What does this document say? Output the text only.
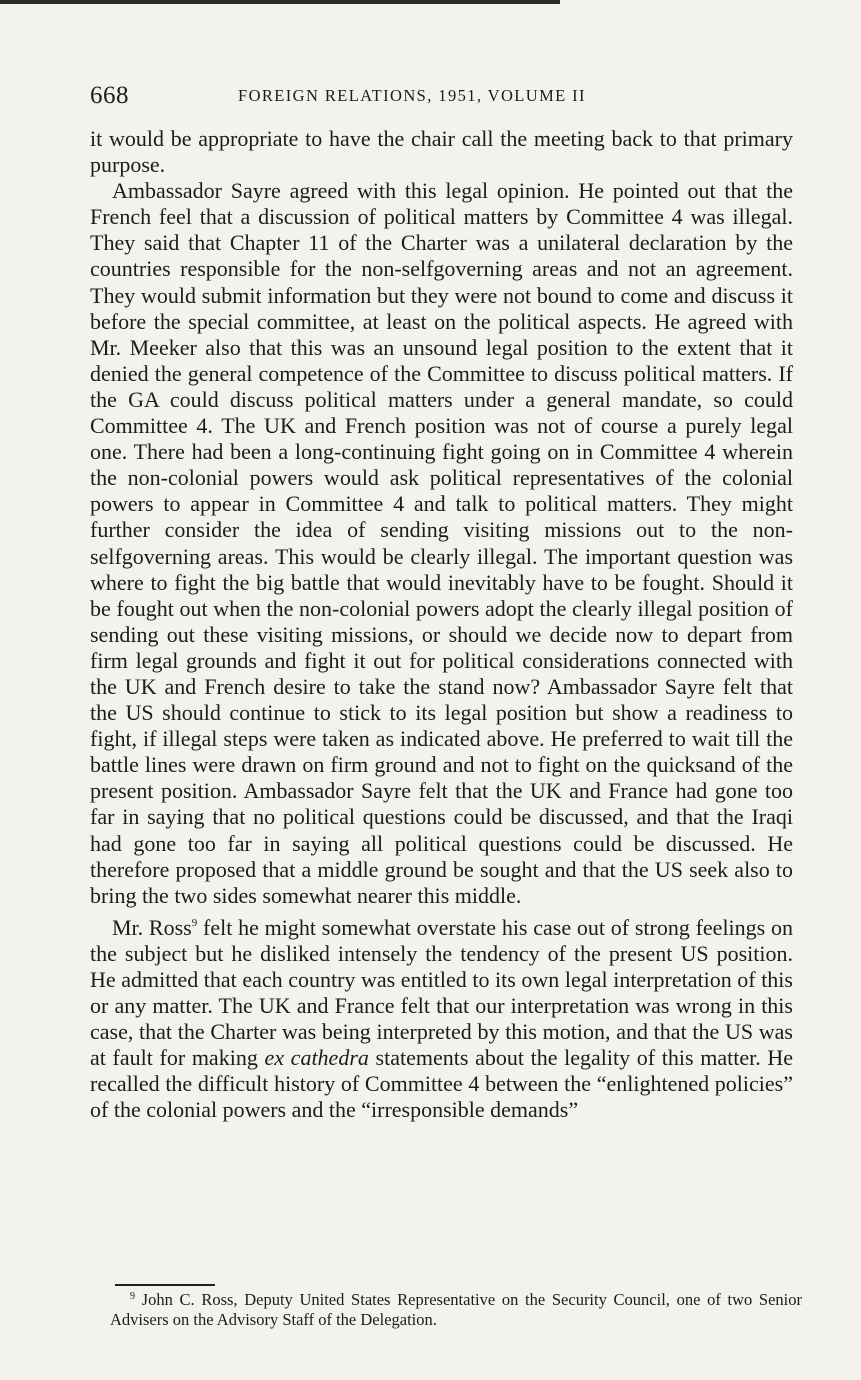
668	FOREIGN RELATIONS, 1951, VOLUME II

it would be appropriate to have the chair call the meeting back to that primary purpose.

Ambassador Sayre agreed with this legal opinion. He pointed out that the French feel that a discussion of political matters by Committee 4 was illegal. They said that Chapter 11 of the Charter was a unilateral declaration by the countries responsible for the non-selfgoverning areas and not an agreement. They would submit information but they were not bound to come and discuss it before the special committee, at least on the political aspects. He agreed with Mr. Meeker also that this was an unsound legal position to the extent that it denied the general competence of the Committee to discuss political matters. If the GA could discuss political matters under a general mandate, so could Committee 4. The UK and French position was not of course a purely legal one. There had been a long-continuing fight going on in Committee 4 wherein the non-colonial powers would ask political representatives of the colonial powers to appear in Committee 4 and talk to political matters. They might further consider the idea of sending visiting missions out to the non-selfgoverning areas. This would be clearly illegal. The important question was where to fight the big battle that would inevitably have to be fought. Should it be fought out when the non-colonial powers adopt the clearly illegal position of sending out these visiting missions, or should we decide now to depart from firm legal grounds and fight it out for political considerations connected with the UK and French desire to take the stand now? Ambassador Sayre felt that the US should continue to stick to its legal position but show a readiness to fight, if illegal steps were taken as indicated above. He preferred to wait till the battle lines were drawn on firm ground and not to fight on the quicksand of the present position. Ambassador Sayre felt that the UK and France had gone too far in saying that no political questions could be discussed, and that the Iraqi had gone too far in saying all political questions could be discussed. He therefore proposed that a middle ground be sought and that the US seek also to bring the two sides somewhat nearer this middle.

Mr. Ross$^9$ felt he might somewhat overstate his case out of strong feelings on the subject but he disliked intensely the tendency of the present US position. He admitted that each country was entitled to its own legal interpretation of this or any matter. The UK and France felt that our interpretation was wrong in this case, that the Charter was being interpreted by this motion, and that the US was at fault for making ex cathedra statements about the legality of this matter. He recalled the difficult history of Committee 4 between the “enlightened policies” of the colonial powers and the “irresponsible demands”

$^9$ John C. Ross, Deputy United States Representative on the Security Council, one of two Senior Advisers on the Advisory Staff of the Delegation.
